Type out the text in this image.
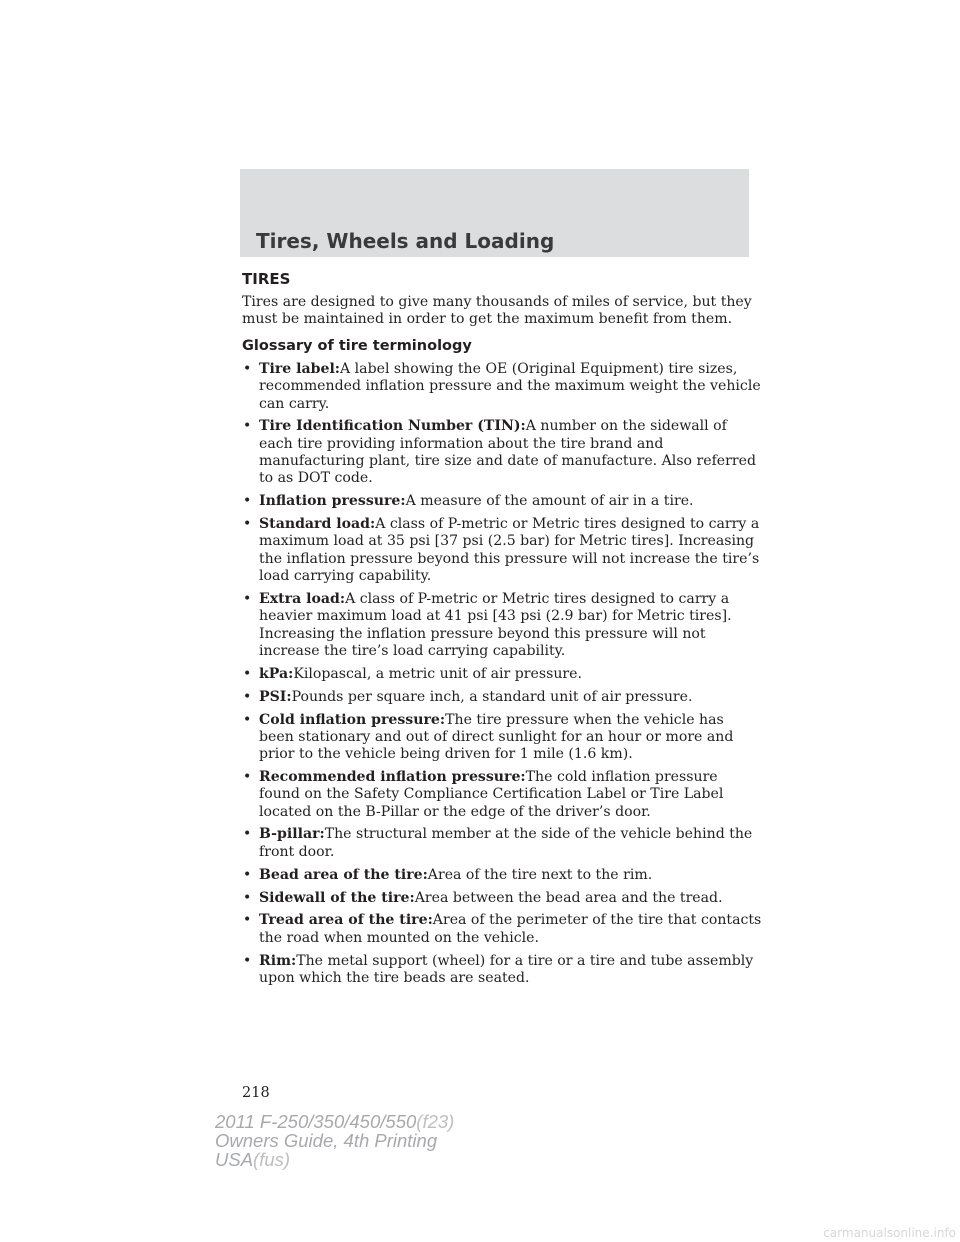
Tires, Wheels and Loading
TIRES

Tires are designed to give many thousands of miles of service, but they must be maintained in order to get the maximum benefit from them.

Glossary of tire terminology
• Tire label:A label showing the OE (Original Equipment) tire sizes, recommended inflation pressure and the maximum weight the vehicle can carry.
• Tire Identification Number (TIN):A number on the sidewall of each tire providing information about the tire brand and manufacturing plant, tire size and date of manufacture. Also referred to as DOT code.
• Inflation pressure:A measure of the amount of air in a tire.
• Standard load:A class of P-metric or Metric tires designed to carry a maximum load at 35 psi [37 psi (2.5 bar) for Metric tires]. Increasing the inflation pressure beyond this pressure will not increase the tire’s load carrying capability.
• Extra load:A class of P-metric or Metric tires designed to carry a heavier maximum load at 41 psi [43 psi (2.9 bar) for Metric tires]. Increasing the inflation pressure beyond this pressure will not increase the tire’s load carrying capability.
• kPa:Kilopascal, a metric unit of air pressure.
• PSI:Pounds per square inch, a standard unit of air pressure.
• Cold inflation pressure:The tire pressure when the vehicle has been stationary and out of direct sunlight for an hour or more and prior to the vehicle being driven for 1 mile (1.6 km).
• Recommended inflation pressure:The cold inflation pressure found on the Safety Compliance Certification Label or Tire Label located on the B-Pillar or the edge of the driver’s door.
• B-pillar:The structural member at the side of the vehicle behind the front door.
• Bead area of the tire:Area of the tire next to the rim.
• Sidewall of the tire:Area between the bead area and the tread.
• Tread area of the tire:Area of the perimeter of the tire that contacts the road when mounted on the vehicle.
• Rim:The metal support (wheel) for a tire or a tire and tube assembly upon which the tire beads are seated.
218
2011 F-250/350/450/550(f23)
Owners Guide, 4th Printing
USA(fus)
carmanualsonline.info
